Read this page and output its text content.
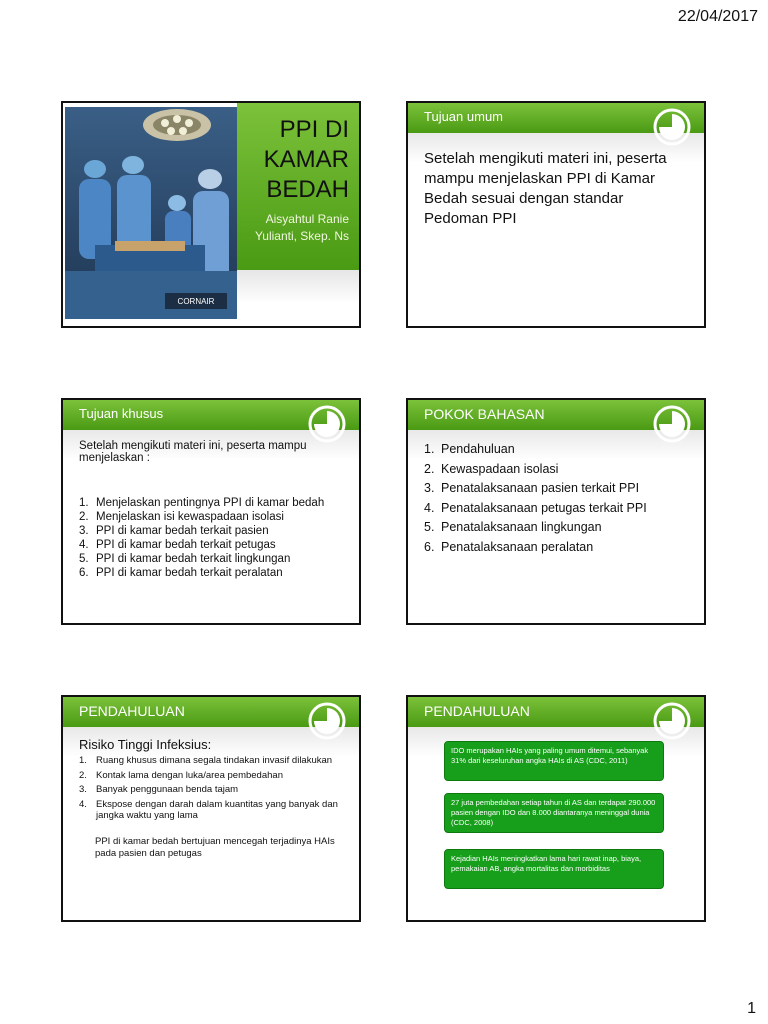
22/04/2017
CORNAIR
PPI DI
KAMAR
BEDAH
Aisyahtul Ranie
Yulianti, Skep. Ns
Tujuan umum
Setelah mengikuti materi ini, peserta mampu menjelaskan PPI di Kamar Bedah sesuai dengan standar Pedoman PPI
Tujuan khusus
Setelah mengikuti materi ini, peserta mampu menjelaskan :
1. Menjelaskan pentingnya PPI di kamar bedah
2. Menjelaskan isi kewaspadaan isolasi
3. PPI di kamar bedah terkait pasien
4. PPI di kamar bedah terkait petugas
5. PPI di kamar bedah terkait lingkungan
6. PPI di kamar bedah terkait peralatan
POKOK BAHASAN
1. Pendahuluan
2. Kewaspadaan isolasi
3. Penatalaksanaan pasien terkait PPI
4. Penatalaksanaan petugas terkait PPI
5. Penatalaksanaan lingkungan
6. Penatalaksanaan peralatan
PENDAHULUAN
Risiko Tinggi Infeksius:
1. Ruang khusus dimana segala tindakan invasif dilakukan
2. Kontak lama dengan luka/area pembedahan
3. Banyak penggunaan benda tajam
4. Ekspose dengan darah dalam kuantitas yang banyak dan jangka waktu yang lama
PPI di kamar bedah bertujuan mencegah terjadinya HAIs pada pasien dan petugas
PENDAHULUAN
IDO merupakan HAIs yang paling umum ditemui, sebanyak 31% dari keseluruhan angka HAIs di AS (CDC, 2011)
27 juta pembedahan setiap tahun di AS dan terdapat 290.000 pasien dengan IDO dan 8.000 diantaranya meninggal dunia (CDC, 2008)
Kejadian HAIs meningkatkan lama hari rawat inap, biaya, pemakaian AB, angka mortalitas dan morbiditas
1
